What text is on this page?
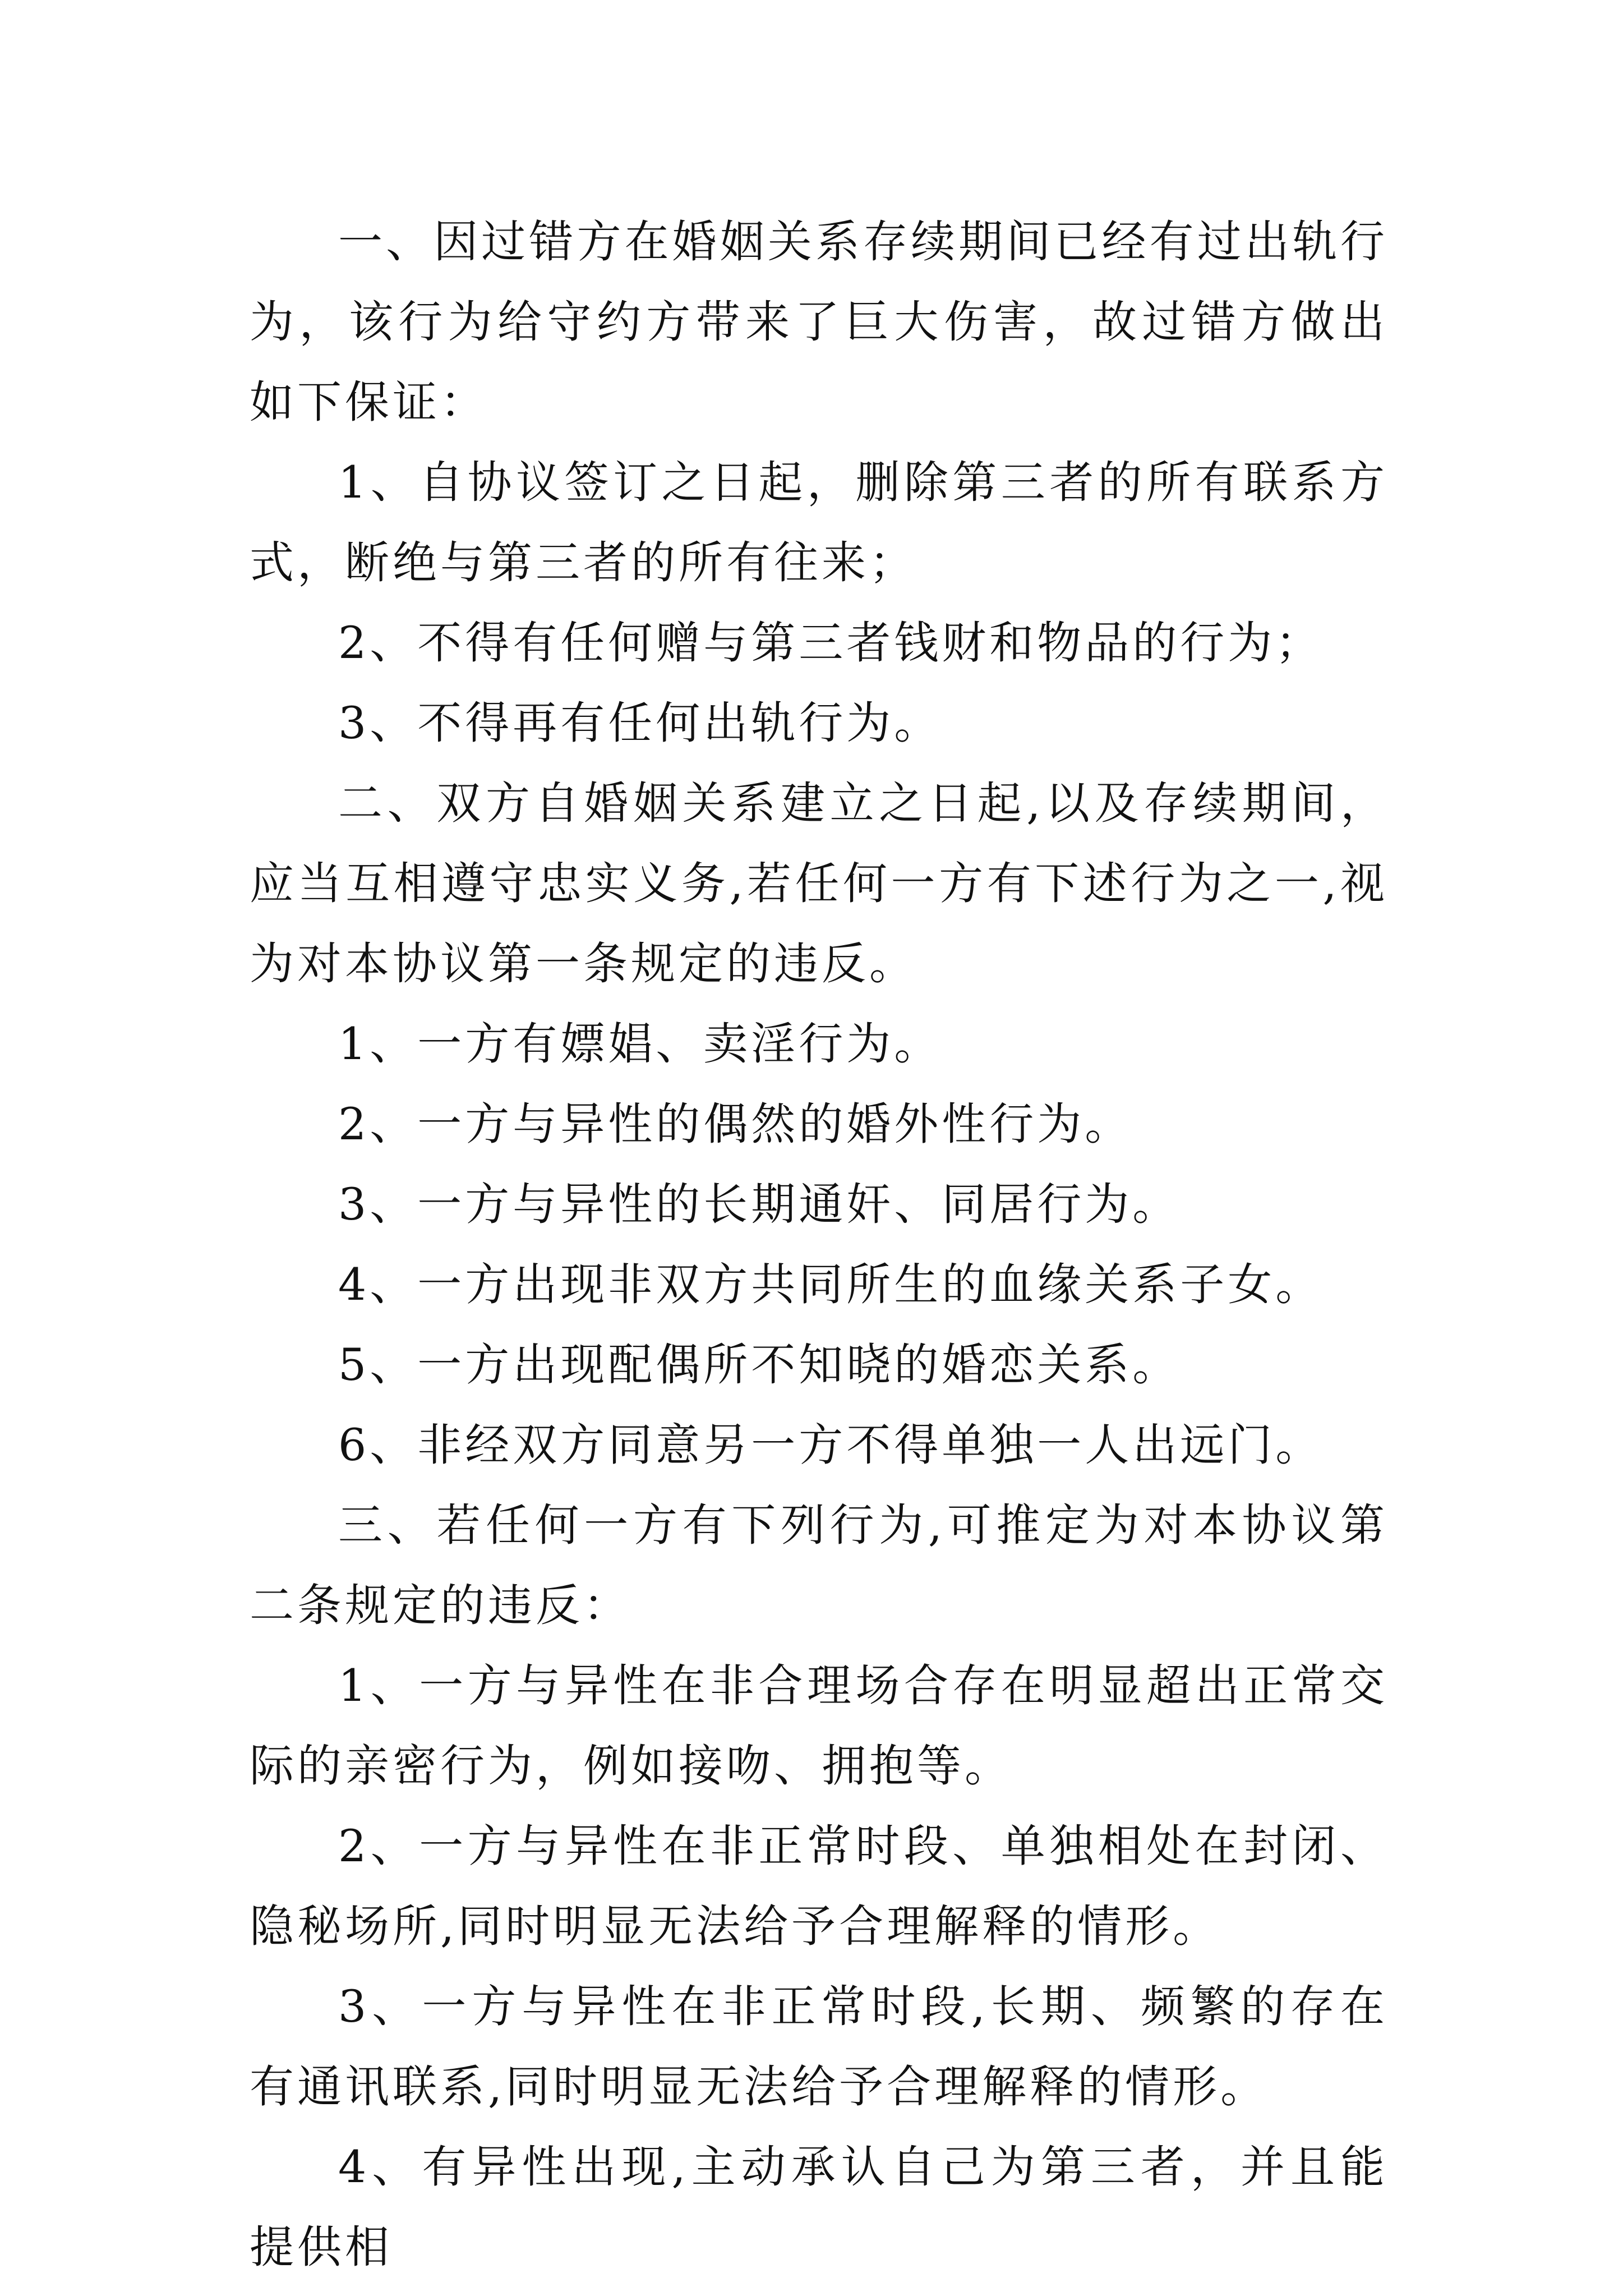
一、因过错方在婚姻关系存续期间已经有过出轨行为，该行为给守约方带来了巨大伤害，故过错方做出如下保证：

1、自协议签订之日起，删除第三者的所有联系方式，断绝与第三者的所有往来；

2、不得有任何赠与第三者钱财和物品的行为；

3、不得再有任何出轨行为。

二、双方自婚姻关系建立之日起,以及存续期间，应当互相遵守忠实义务,若任何一方有下述行为之一,视为对本协议第一条规定的违反。

1、一方有嫖娼、卖淫行为。

2、一方与异性的偶然的婚外性行为。

3、一方与异性的长期通奸、同居行为。

4、一方出现非双方共同所生的血缘关系子女。

5、一方出现配偶所不知晓的婚恋关系。

6、非经双方同意另一方不得单独一人出远门。

三、若任何一方有下列行为,可推定为对本协议第二条规定的违反：

1、一方与异性在非合理场合存在明显超出正常交际的亲密行为，例如接吻、拥抱等。

2、一方与异性在非正常时段、单独相处在封闭、隐秘场所,同时明显无法给予合理解释的情形。

3、一方与异性在非正常时段,长期、频繁的存在有通讯联系,同时明显无法给予合理解释的情形。

4、有异性出现,主动承认自己为第三者，并且能提供相
